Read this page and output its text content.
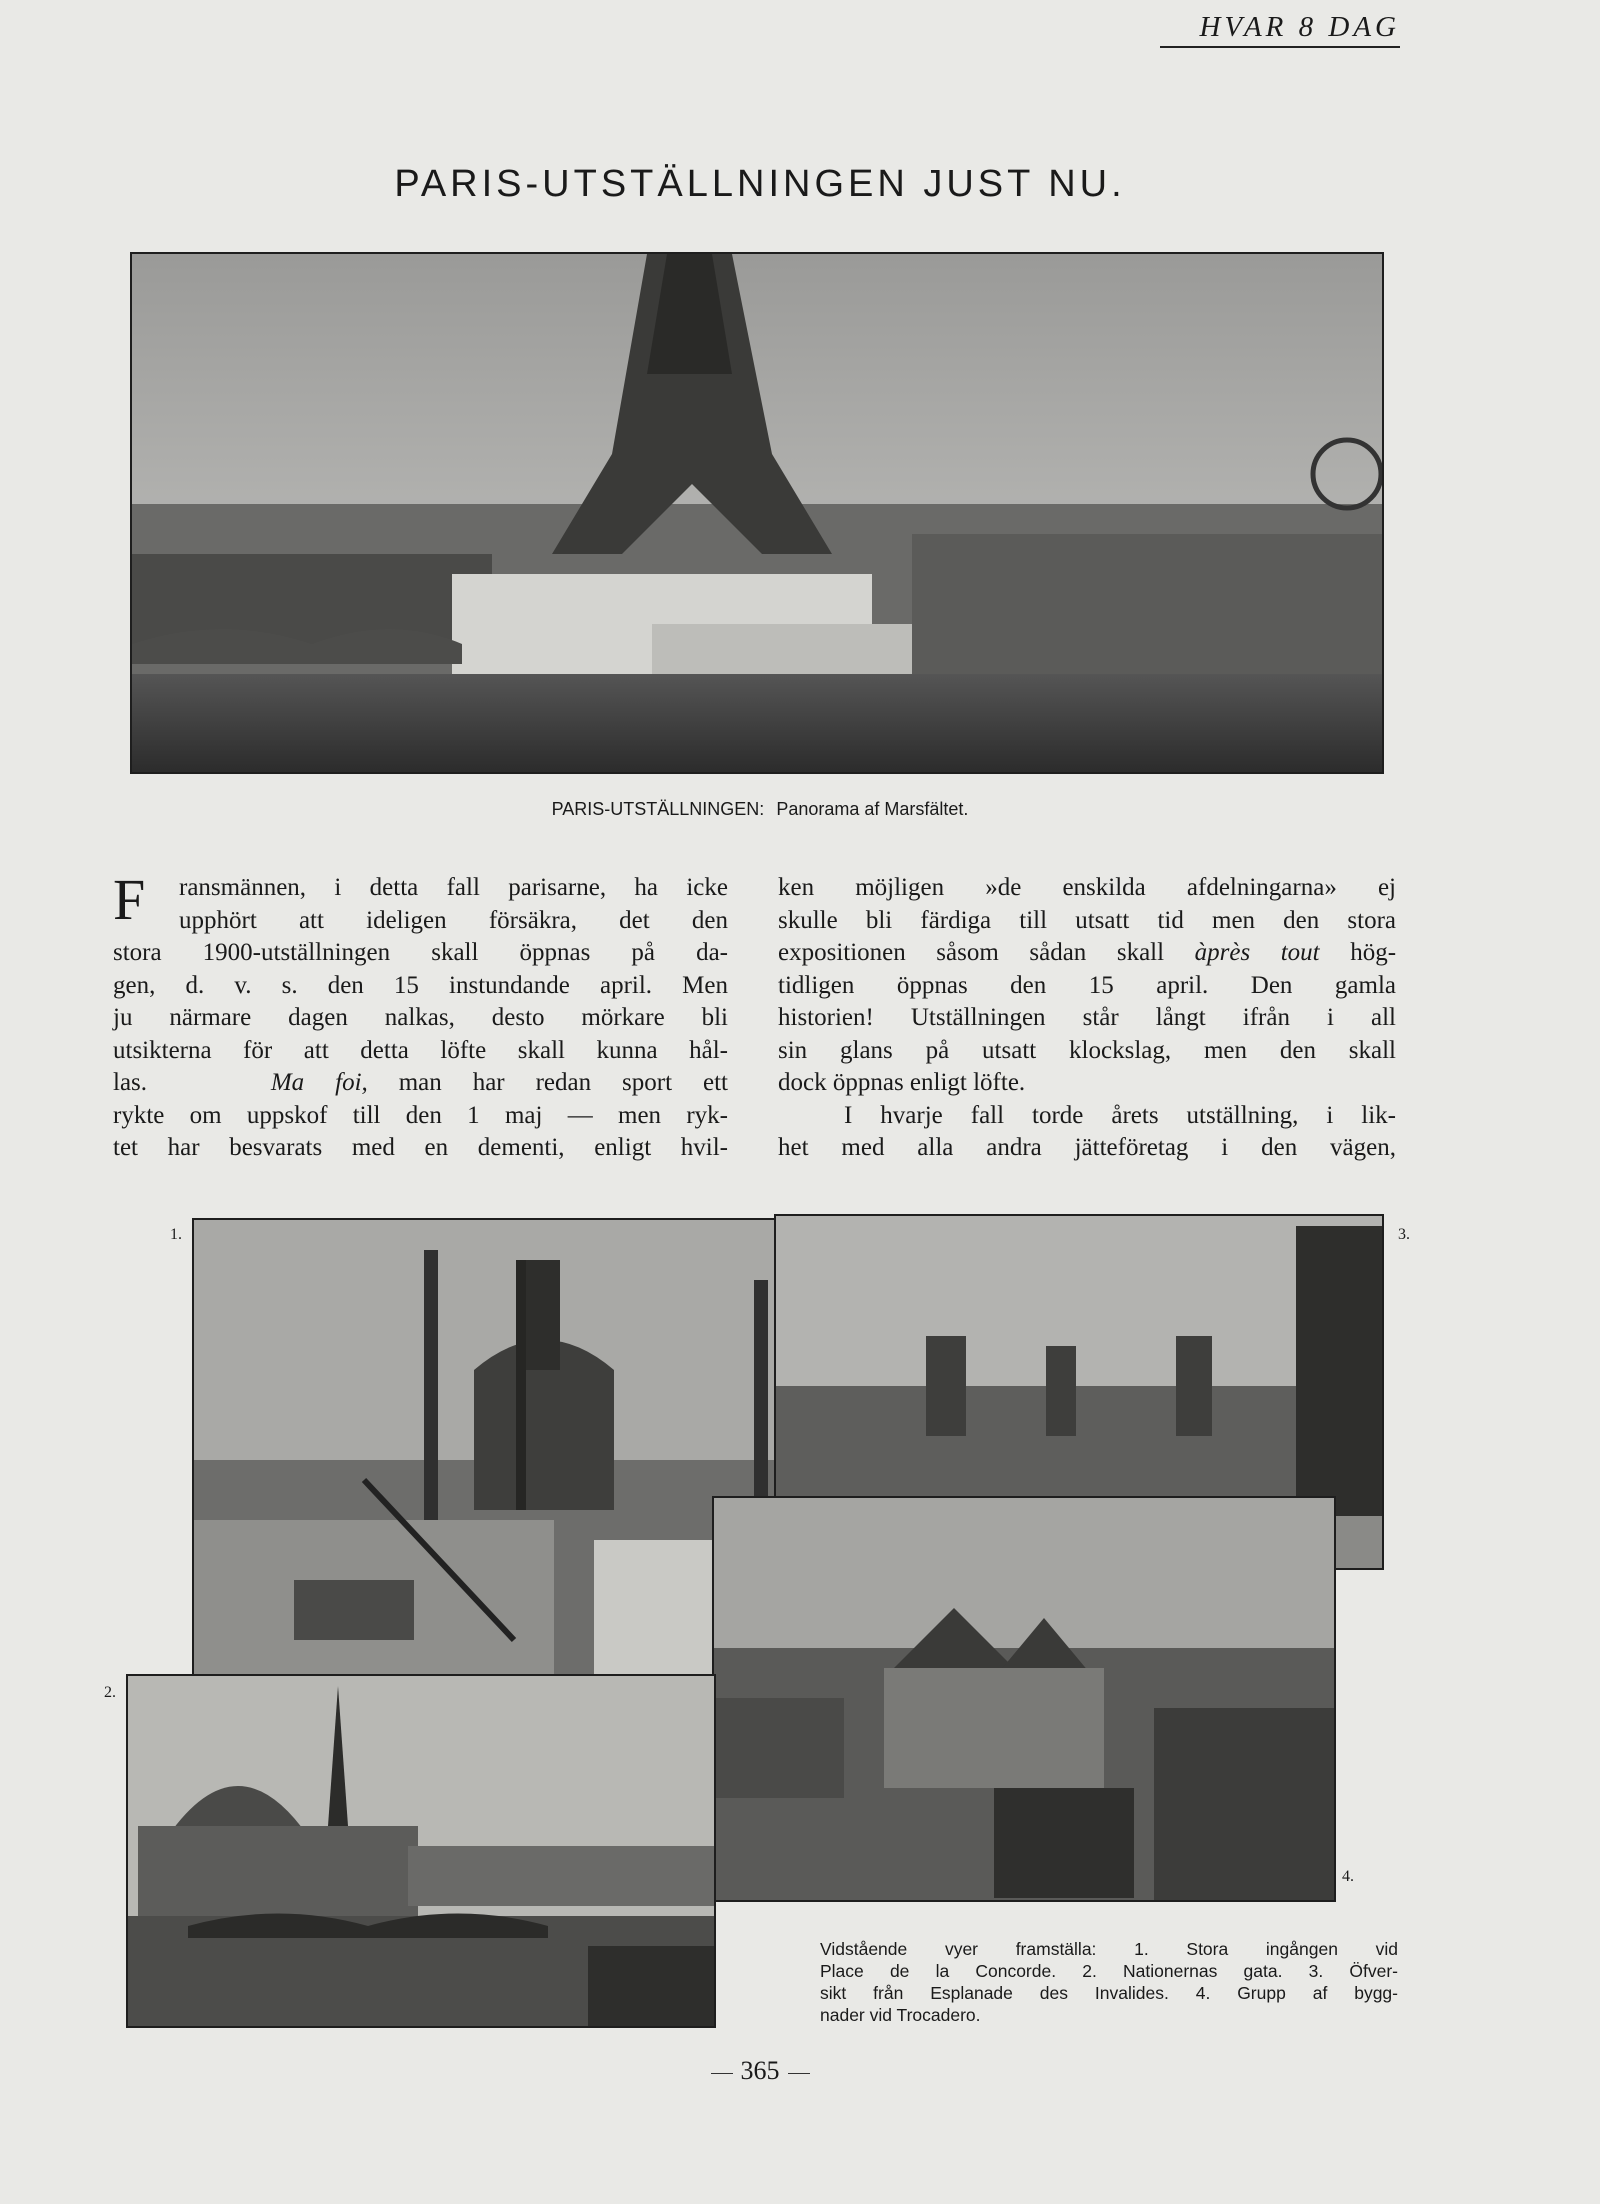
HVAR 8 DAG
PARIS-UTSTÄLLNINGEN JUST NU.
PARIS-UTSTÄLLNINGEN: Panorama af Marsfältet.
F	ransmännen, i detta fall parisarne, ha icke
upphört att ideligen försäkra, det den
stora 1900-utställningen skall öppnas på da-
gen, d. v. s. den 15 instundande april. Men
ju närmare dagen nalkas, desto mörkare bli
utsikterna för att detta löfte skall kunna hål-
las.	Ma foi, man har redan sport ett
rykte om uppskof till den 1 maj — men ryk-
tet har besvarats med en dementi, enligt hvil-
ken möjligen »de enskilda afdelningarna» ej
skulle bli färdiga till utsatt tid men den stora
expositionen såsom sådan skall àprès tout hög-
tidligen öppnas den 15 april. Den gamla
historien! Utställningen står långt ifrån i all
sin glans på utsatt klockslag, men den skall
dock öppnas enligt löfte.
I hvarje fall torde årets utställning, i lik-
het med alla andra jätteföretag i den vägen,
1.
2.
3.
4.
Vidstående vyer framställa: 1. Stora ingången vid
Place de la Concorde. 2. Nationernas gata. 3. Öfver-
sikt från Esplanade des Invalides. 4. Grupp af bygg-
nader vid Trocadero.
365
